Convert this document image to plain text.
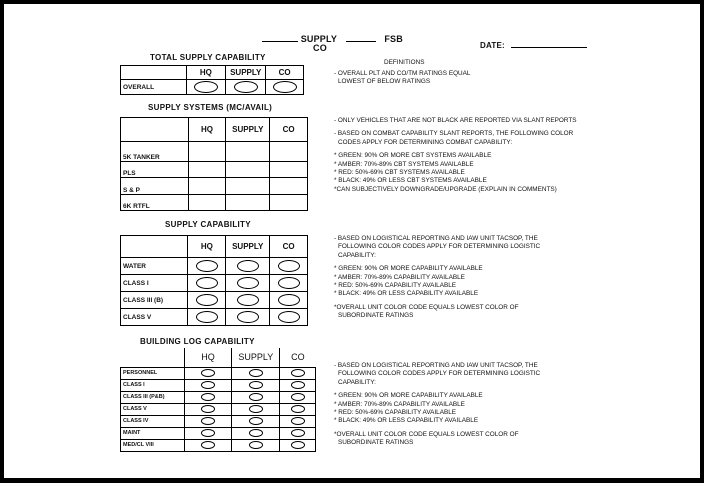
SUPPLY	FSB
CO	DATE:
TOTAL SUPPLY CAPABILITY
SUPPLY SYSTEMS (MC/AVAIL)
SUPPLY CAPABILITY
BUILDING LOG CAPABILITY
	HQ	SUPPLY	CO
OVERALL	

	HQ	SUPPLY	CO
5K TANKER			
PLS			
S & P			
6K RTFL			
	HQ	SUPPLY	CO
WATER	

CLASS I	

CLASS III (B)	

CLASS V	

	HQ	SUPPLY	CO
PERSONNEL	

CLASS I	

CLASS III (P&B)	

CLASS V	

CLASS IV	

MAINT	

MED/CL VIII	

DEFINITIONS
- OVERALL PLT AND CO/TM RATINGS EQUAL
LOWEST OF BELOW RATINGS
- ONLY VEHICLES THAT ARE NOT BLACK ARE REPORTED VIA SLANT REPORTS
- BASED ON COMBAT CAPABILITY SLANT REPORTS, THE FOLLOWING COLOR
CODES APPLY FOR DETERMINING COMBAT CAPABILITY:
* GREEN: 90% OR MORE CBT SYSTEMS AVAILABLE
* AMBER: 70%-89% CBT SYSTEMS AVAILABLE
* RED: 50%-69% CBT SYSTEMS AVAILABLE
* BLACK: 49% OR LESS CBT SYSTEMS AVAILABLE
*CAN SUBJECTIVELY DOWNGRADE/UPGRADE (EXPLAIN IN COMMENTS)
- BASED ON LOGISTICAL REPORTING AND IAW UNIT TACSOP, THE
FOLLOWING COLOR CODES APPLY FOR DETERMINING LOGISTIC
CAPABILITY:
* GREEN: 90% OR MORE CAPABILITY AVAILABLE
* AMBER: 70%-89% CAPABILITY AVAILABLE
* RED: 50%-69% CAPABILITY AVAILABLE
* BLACK: 49% OR LESS CAPABILITY AVAILABLE
*OVERALL UNIT COLOR CODE EQUALS LOWEST COLOR OF
SUBORDINATE RATINGS
- BASED ON LOGISTICAL REPORTING AND IAW UNIT TACSOP, THE
FOLLOWING COLOR CODES APPLY FOR DETERMINING LOGISTIC
CAPABILITY:
* GREEN: 90% OR MORE CAPABILITY AVAILABLE
* AMBER: 70%-89% CAPABILITY AVAILABLE
* RED: 50%-69% CAPABILITY AVAILABLE
* BLACK: 49% OR LESS CAPABILITY AVAILABLE
*OVERALL UNIT COLOR CODE EQUALS LOWEST COLOR OF
SUBORDINATE RATINGS
